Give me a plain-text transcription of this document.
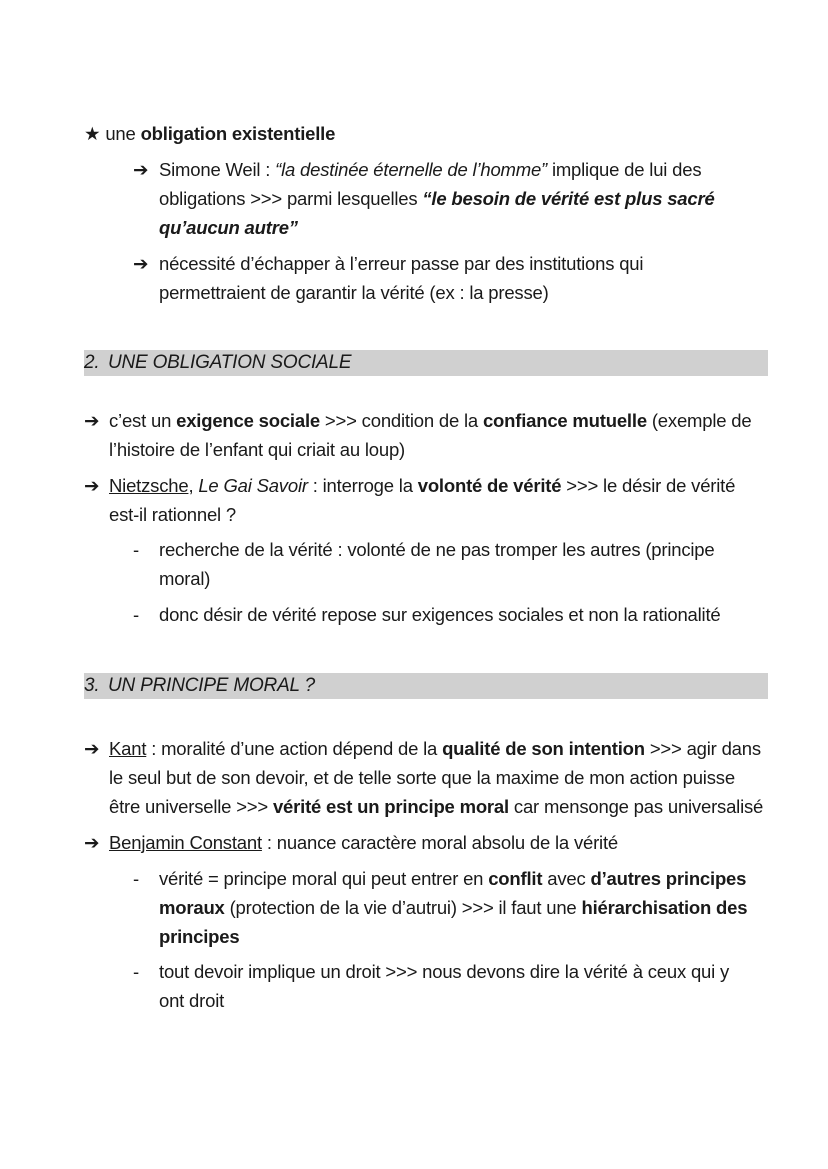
★ une obligation existentielle
➔ Simone Weil : “la destinée éternelle de l’homme” implique de lui des
obligations >>> parmi lesquelles “le besoin de vérité est plus sacré
qu’aucun autre”
➔ nécessité d’échapper à l’erreur passe par des institutions qui
permettraient de garantir la vérité (ex : la presse)
2. UNE OBLIGATION SOCIALE
➔ c’est un exigence sociale >>> condition de la confiance mutuelle (exemple de
l’histoire de l’enfant qui criait au loup)
➔ Nietzsche, Le Gai Savoir : interroge la volonté de vérité >>> le désir de vérité
est-il rationnel ?
- recherche de la vérité : volonté de ne pas tromper les autres (principe
moral)
- donc désir de vérité repose sur exigences sociales et non la rationalité
3. UN PRINCIPE MORAL ?
➔ Kant : moralité d’une action dépend de la qualité de son intention >>> agir dans
le seul but de son devoir, et de telle sorte que la maxime de mon action puisse
être universelle >>> vérité est un principe moral car mensonge pas universalisé
➔ Benjamin Constant : nuance caractère moral absolu de la vérité
- vérité = principe moral qui peut entrer en conflit avec d’autres principes
moraux (protection de la vie d’autrui) >>> il faut une hiérarchisation des
principes
- tout devoir implique un droit >>> nous devons dire la vérité à ceux qui y
ont droit
